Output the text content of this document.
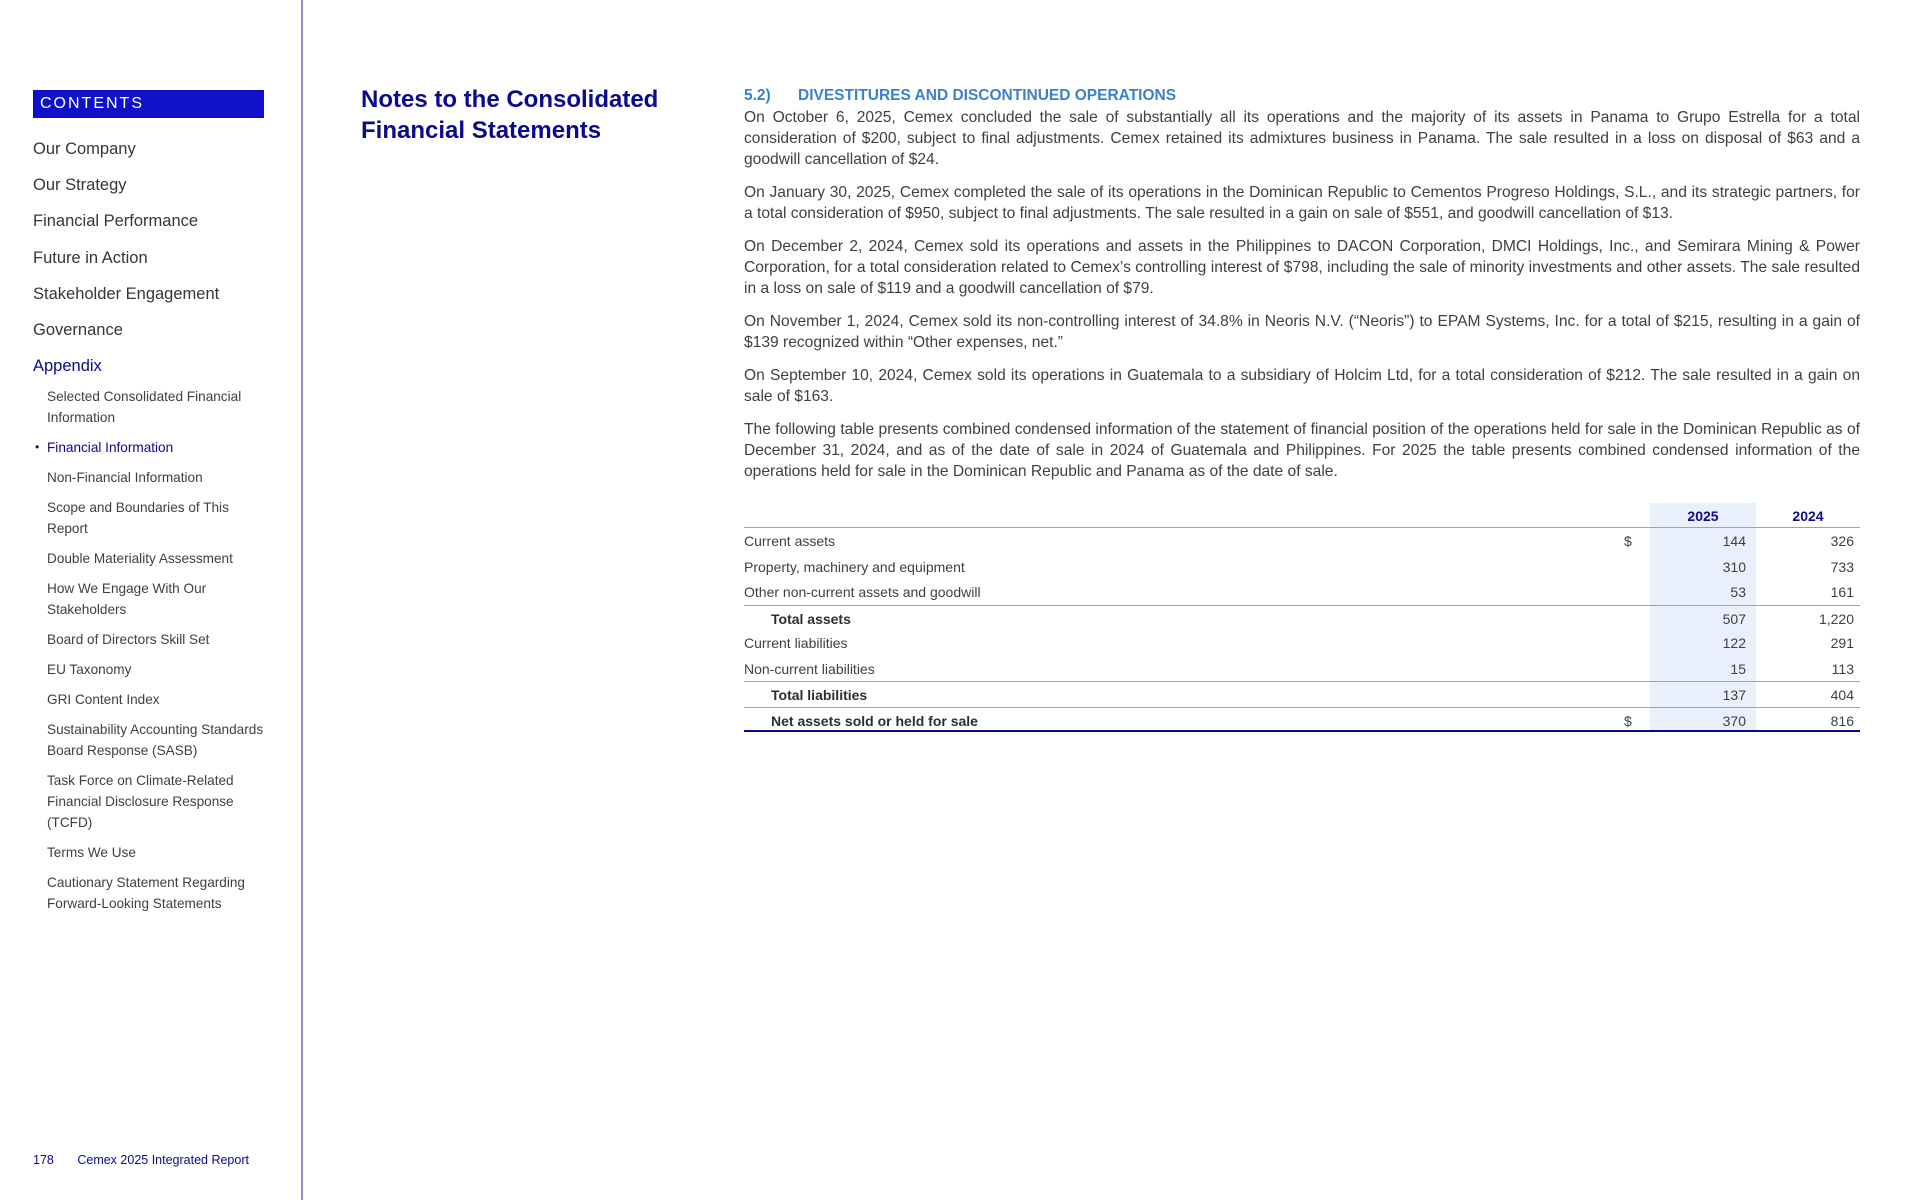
CONTENTS
Our Company
Our Strategy
Financial Performance
Future in Action
Stakeholder Engagement
Governance
Appendix
Selected Consolidated Financial Information
• Financial Information
Non-Financial Information
Scope and Boundaries of This Report
Double Materiality Assessment
How We Engage With Our Stakeholders
Board of Directors Skill Set
EU Taxonomy
GRI Content Index
Sustainability Accounting Standards Board Response (SASB)
Task Force on Climate-Related Financial Disclosure Response (TCFD)
Terms We Use
Cautionary Statement Regarding Forward-Looking Statements
178 Cemex 2025 Integrated Report
Notes to the Consolidated Financial Statements
5.2) DIVESTITURES AND DISCONTINUED OPERATIONS

On October 6, 2025, Cemex concluded the sale of substantially all its operations and the majority of its assets in Panama to Grupo Estrella for a total consideration of $200, subject to final adjustments. Cemex retained its admixtures business in Panama. The sale resulted in a loss on disposal of $63 and a goodwill cancellation of $24.

On January 30, 2025, Cemex completed the sale of its operations in the Dominican Republic to Cementos Progreso Holdings, S.L., and its strategic partners, for a total consideration of $950, subject to final adjustments. The sale resulted in a gain on sale of $551, and goodwill cancellation of $13.

On December 2, 2024, Cemex sold its operations and assets in the Philippines to DACON Corporation, DMCI Holdings, Inc., and Semirara Mining & Power Corporation, for a total consideration related to Cemex’s controlling interest of $798, including the sale of minority investments and other assets. The sale resulted in a loss on sale of $119 and a goodwill cancellation of $79.

On November 1, 2024, Cemex sold its non-controlling interest of 34.8% in Neoris N.V. (“Neoris”) to EPAM Systems, Inc. for a total of $215, resulting in a gain of $139 recognized within “Other expenses, net.”

On September 10, 2024, Cemex sold its operations in Guatemala to a subsidiary of Holcim Ltd, for a total consideration of $212. The sale resulted in a gain on sale of $163.

The following table presents combined condensed information of the statement of financial position of the operations held for sale in the Dominican Republic as of December 31, 2024, and as of the date of sale in 2024 of Guatemala and Philippines. For 2025 the table presents combined condensed information of the operations held for sale in the Dominican Republic and Panama as of the date of sale.

2025	2024
Current assets	$	144	326
Property, machinery and equipment	310	733
Other non-current assets and goodwill	53	161
Total assets	507	1,220
Current liabilities	122	291
Non-current liabilities	15	113
Total liabilities	137	404
Net assets sold or held for sale	$	370	816
